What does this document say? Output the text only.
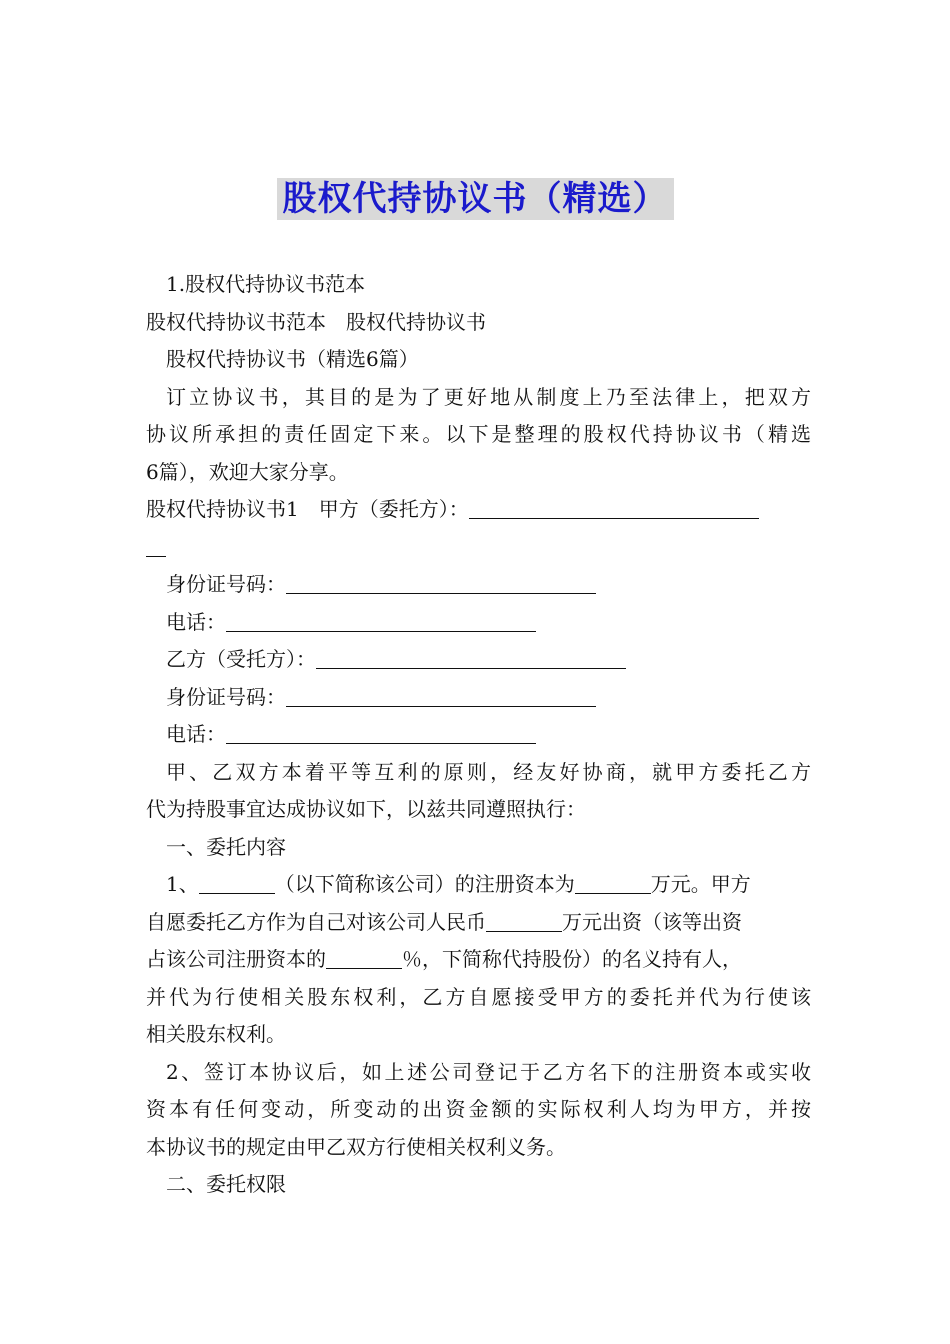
股权代持协议书（精选）
1.股权代持协议书范本
股权代持协议书范本　股权代持协议书
股权代持协议书（精选6篇）
订立协议书，其目的是为了更好地从制度上乃至法律上，把双方
协议所承担的责任固定下来。以下是整理的股权代持协议书（精选
6篇），欢迎大家分享。
股权代持协议书1　甲方（委托方）：
身份证号码：
电话：
乙方（受托方）：
身份证号码：
电话：
甲、乙双方本着平等互利的原则，经友好协商，就甲方委托乙方
代为持股事宜达成协议如下，以兹共同遵照执行：
一、委托内容
1、	（以下简称该公司）的注册资本为	万元。甲方
自愿委托乙方作为自己对该公司人民币	万元出资（该等出资
占该公司注册资本的	％，下简称代持股份）的名义持有人，
并代为行使相关股东权利，乙方自愿接受甲方的委托并代为行使该
相关股东权利。
2、签订本协议后，如上述公司登记于乙方名下的注册资本或实收
资本有任何变动，所变动的出资金额的实际权利人均为甲方，并按
本协议书的规定由甲乙双方行使相关权利义务。
二、委托权限
